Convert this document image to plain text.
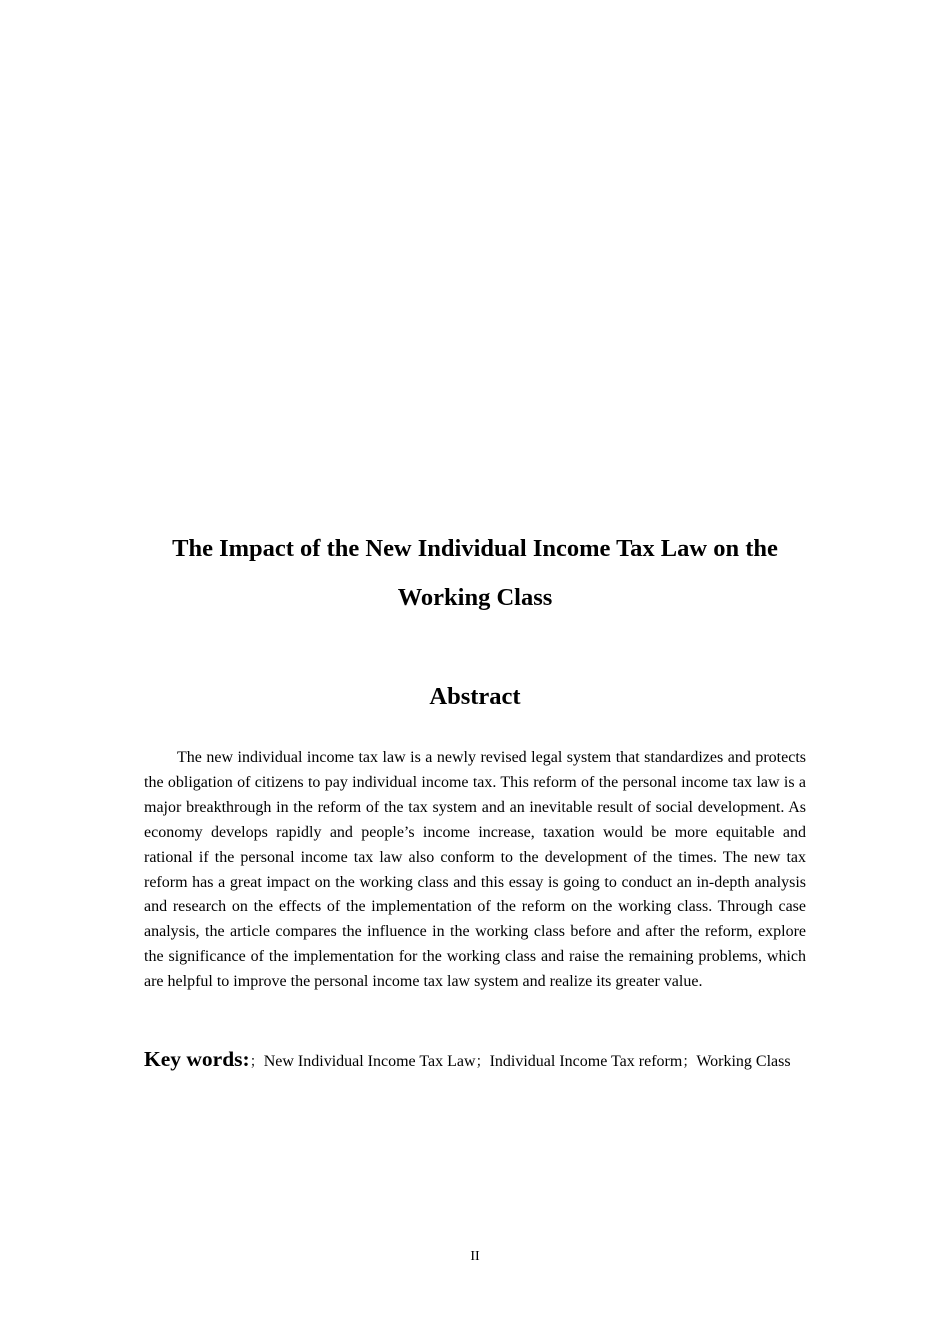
The Impact of the New Individual Income Tax Law on the Working Class
Abstract

The new individual income tax law is a newly revised legal system that standardizes and protects the obligation of citizens to pay individual income tax. This reform of the personal income tax law is a major breakthrough in the reform of the tax system and an inevitable result of social development. As economy develops rapidly and people’s income increase, taxation would be more equitable and rational if the personal income tax law also conform to the development of the times. The new tax reform has a great impact on the working class and this essay is going to conduct an in-depth analysis and research on the effects of the implementation of the reform on the working class. Through case analysis, the article compares the influence in the working class before and after the reform, explore the significance of the implementation for the working class and raise the remaining problems, which are helpful to improve the personal income tax law system and realize its greater value.

Key words:；New Individual Income Tax Law；Individual Income Tax reform；Working Class

II
